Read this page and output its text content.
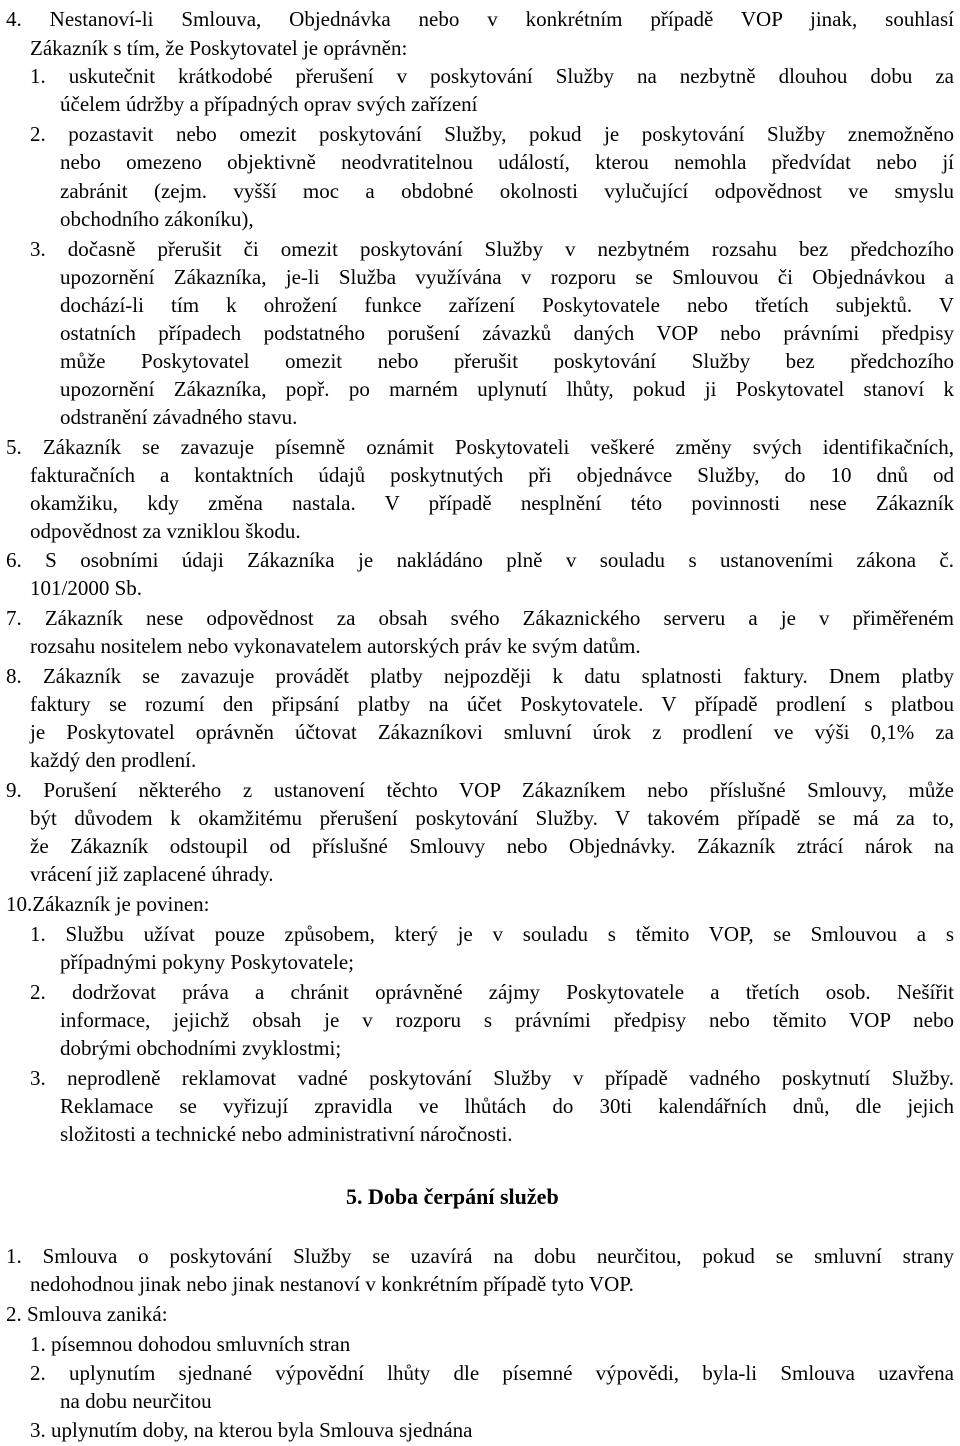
4. Nestanoví-li Smlouva, Objednávka nebo v konkrétním případě VOP jinak, souhlasí
Zákazník s tím, že Poskytovatel je oprávněn:
1. uskutečnit krátkodobé přerušení v poskytování Služby na nezbytně dlouhou dobu za
účelem údržby a případných oprav svých zařízení
2. pozastavit nebo omezit poskytování Služby, pokud je poskytování Služby znemožněno
nebo omezeno objektivně neodvratitelnou událostí, kterou nemohla předvídat nebo jí
zabránit (zejm. vyšší moc a obdobné okolnosti vylučující odpovědnost ve smyslu
obchodního zákoníku),
3. dočasně přerušit či omezit poskytování Služby v nezbytném rozsahu bez předchozího
upozornění Zákazníka, je-li Služba využívána v rozporu se Smlouvou či Objednávkou a
dochází-li tím k ohrožení funkce zařízení Poskytovatele nebo třetích subjektů. V
ostatních případech podstatného porušení závazků daných VOP nebo právními předpisy
může Poskytovatel omezit nebo přerušit poskytování Služby bez předchozího
upozornění Zákazníka, popř. po marném uplynutí lhůty, pokud ji Poskytovatel stanoví k
odstranění závadného stavu.
5. Zákazník se zavazuje písemně oznámit Poskytovateli veškeré změny svých identifikačních,
fakturačních a kontaktních údajů poskytnutých při objednávce Služby, do 10 dnů od
okamžiku, kdy změna nastala. V případě nesplnění této povinnosti nese Zákazník
odpovědnost za vzniklou škodu.
6. S osobními údaji Zákazníka je nakládáno plně v souladu s ustanoveními zákona č.
101/2000 Sb.
7. Zákazník nese odpovědnost za obsah svého Zákaznického serveru a je v přiměřeném
rozsahu nositelem nebo vykonavatelem autorských práv ke svým datům.
8. Zákazník se zavazuje provádět platby nejpozději k datu splatnosti faktury. Dnem platby
faktury se rozumí den připsání platby na účet Poskytovatele. V případě prodlení s platbou
je Poskytovatel oprávněn účtovat Zákazníkovi smluvní úrok z prodlení ve výši 0,1% za
každý den prodlení.
9. Porušení některého z ustanovení těchto VOP Zákazníkem nebo příslušné Smlouvy, může
být důvodem k okamžitému přerušení poskytování Služby. V takovém případě se má za to,
že Zákazník odstoupil od příslušné Smlouvy nebo Objednávky. Zákazník ztrácí nárok na
vrácení již zaplacené úhrady.
10.Zákazník je povinen:
1. Službu užívat pouze způsobem, který je v souladu s těmito VOP, se Smlouvou a s
případnými pokyny Poskytovatele;
2. dodržovat práva a chránit oprávněné zájmy Poskytovatele a třetích osob. Nešířit
informace, jejichž obsah je v rozporu s právními předpisy nebo těmito VOP nebo
dobrými obchodními zvyklostmi;
3. neprodleně reklamovat vadné poskytování Služby v případě vadného poskytnutí Služby.
Reklamace se vyřizují zpravidla ve lhůtách do 30ti kalendářních dnů, dle jejich
složitosti a technické nebo administrativní náročnosti.
5. Doba čerpání služeb
1. Smlouva o poskytování Služby se uzavírá na dobu neurčitou, pokud se smluvní strany
nedohodnou jinak nebo jinak nestanoví v konkrétním případě tyto VOP.
2. Smlouva zaniká:
1. písemnou dohodou smluvních stran
2. uplynutím sjednané výpovědní lhůty dle písemné výpovědi, byla-li Smlouva uzavřena
na dobu neurčitou
3. uplynutím doby, na kterou byla Smlouva sjednána
